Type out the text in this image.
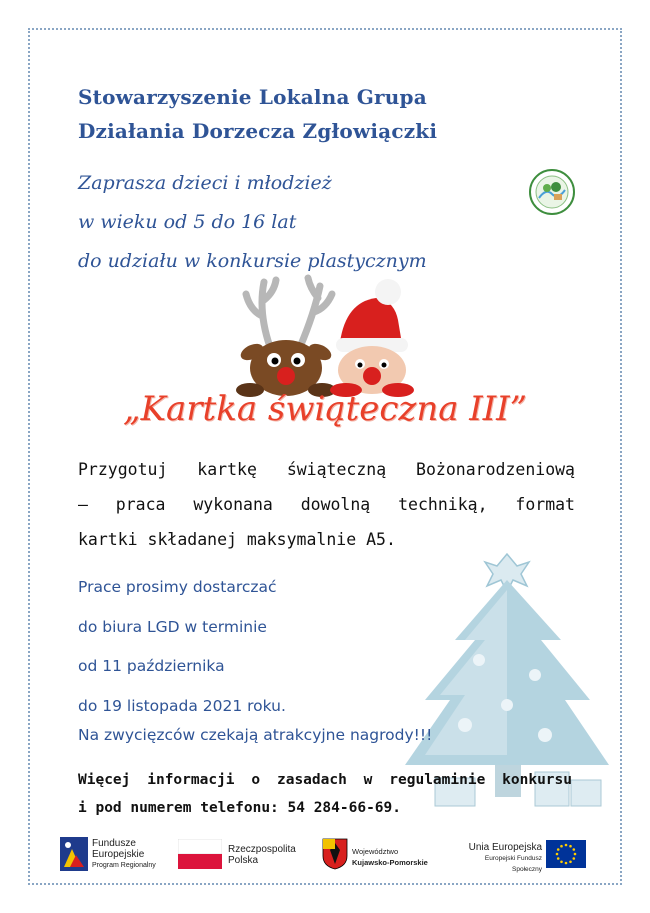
Stowarzyszenie Lokalna Grupa
Działania Dorzecza Zgłowiączki
Zaprasza dzieci i młodzież
w wieku od 5 do 16 lat
do udziału w konkursie plastycznym
„Kartka świąteczna III”
Przygotuj kartkę świąteczną Bożonarodzeniową
– praca wykonana dowolną techniką, format
kartki składanej maksymalnie A5.
Prace prosimy dostarczać
do biura LGD w terminie
od 11 października
do 19 listopada 2021 roku.
Na zwycięzców czekają atrakcyjne nagrody!!!
Więcej informacji o zasadach w regulaminie konkursu
i pod numerem telefonu: 54 284-66-69.
Fundusze
Europejskie
Program Regionalny
Rzeczpospolita
Polska
Województwo
Kujawsko-Pomorskie
Unia Europejska
Europejski Fundusz Społeczny
